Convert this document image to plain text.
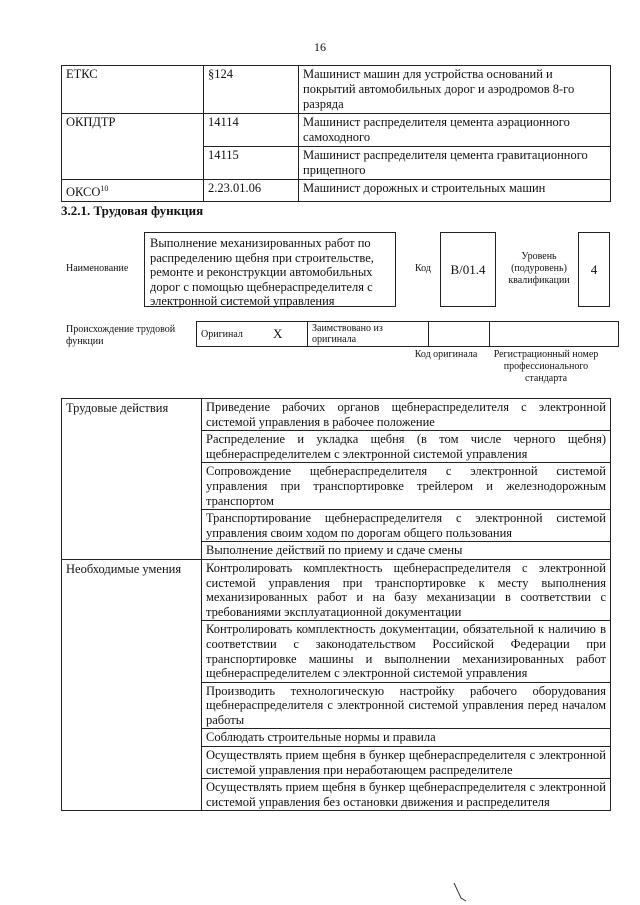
16
ЕТКС	§124	Машинист машин для устройства оснований и покрытий автомобильных дорог и аэродромов 8-го разряда
ОКПДТР	14114	Машинист распределителя цемента аэрационного самоходного
	14115	Машинист распределителя цемента гравитационного прицепного
ОКСО$^{10}$	2.23.01.06	Машинист дорожных и строительных машин
3.2.1. Трудовая функция
Наименование
Выполнение механизированных работ по распределению щебня при строительстве, ремонте и реконструкции автомобильных дорог с помощью щебнераспределителя с электронной системой управления
Код	B/01.4
Уровень (подуровень) квалификации
4
Происхождение трудовой функции
Оригинал	X	Заимствовано из оригинала		
Код оригинала	Регистрационный номер профессионального стандарта
Трудовые действия	Приведение рабочих органов щебнераспределителя с электронной системой управления в рабочее положение
	Распределение и укладка щебня (в том числе черного щебня) щебнераспределителем с электронной системой управления
	Сопровождение щебнераспределителя с электронной системой управления при транспортировке трейлером и железнодорожным транспортом
	Транспортирование щебнераспределителя с электронной системой управления своим ходом по дорогам общего пользования
	Выполнение действий по приему и сдаче смены
Необходимые умения	Контролировать комплектность щебнераспределителя с электронной системой управления при транспортировке к месту выполнения механизированных работ и на базу механизации в соответствии с требованиями эксплуатационной документации
	Контролировать комплектность документации, обязательной к наличию в соответствии с законодательством Российской Федерации при транспортировке машины и выполнении механизированных работ щебнераспределителем с электронной системой управления
	Производить технологическую настройку рабочего оборудования щебнераспределителя с электронной системой управления перед началом работы
	Соблюдать строительные нормы и правила
	Осуществлять прием щебня в бункер щебнераспределителя с электронной системой управления при неработающем распределителе
	Осуществлять прием щебня в бункер щебнераспределителя с электронной системой управления без остановки движения и распределителя
